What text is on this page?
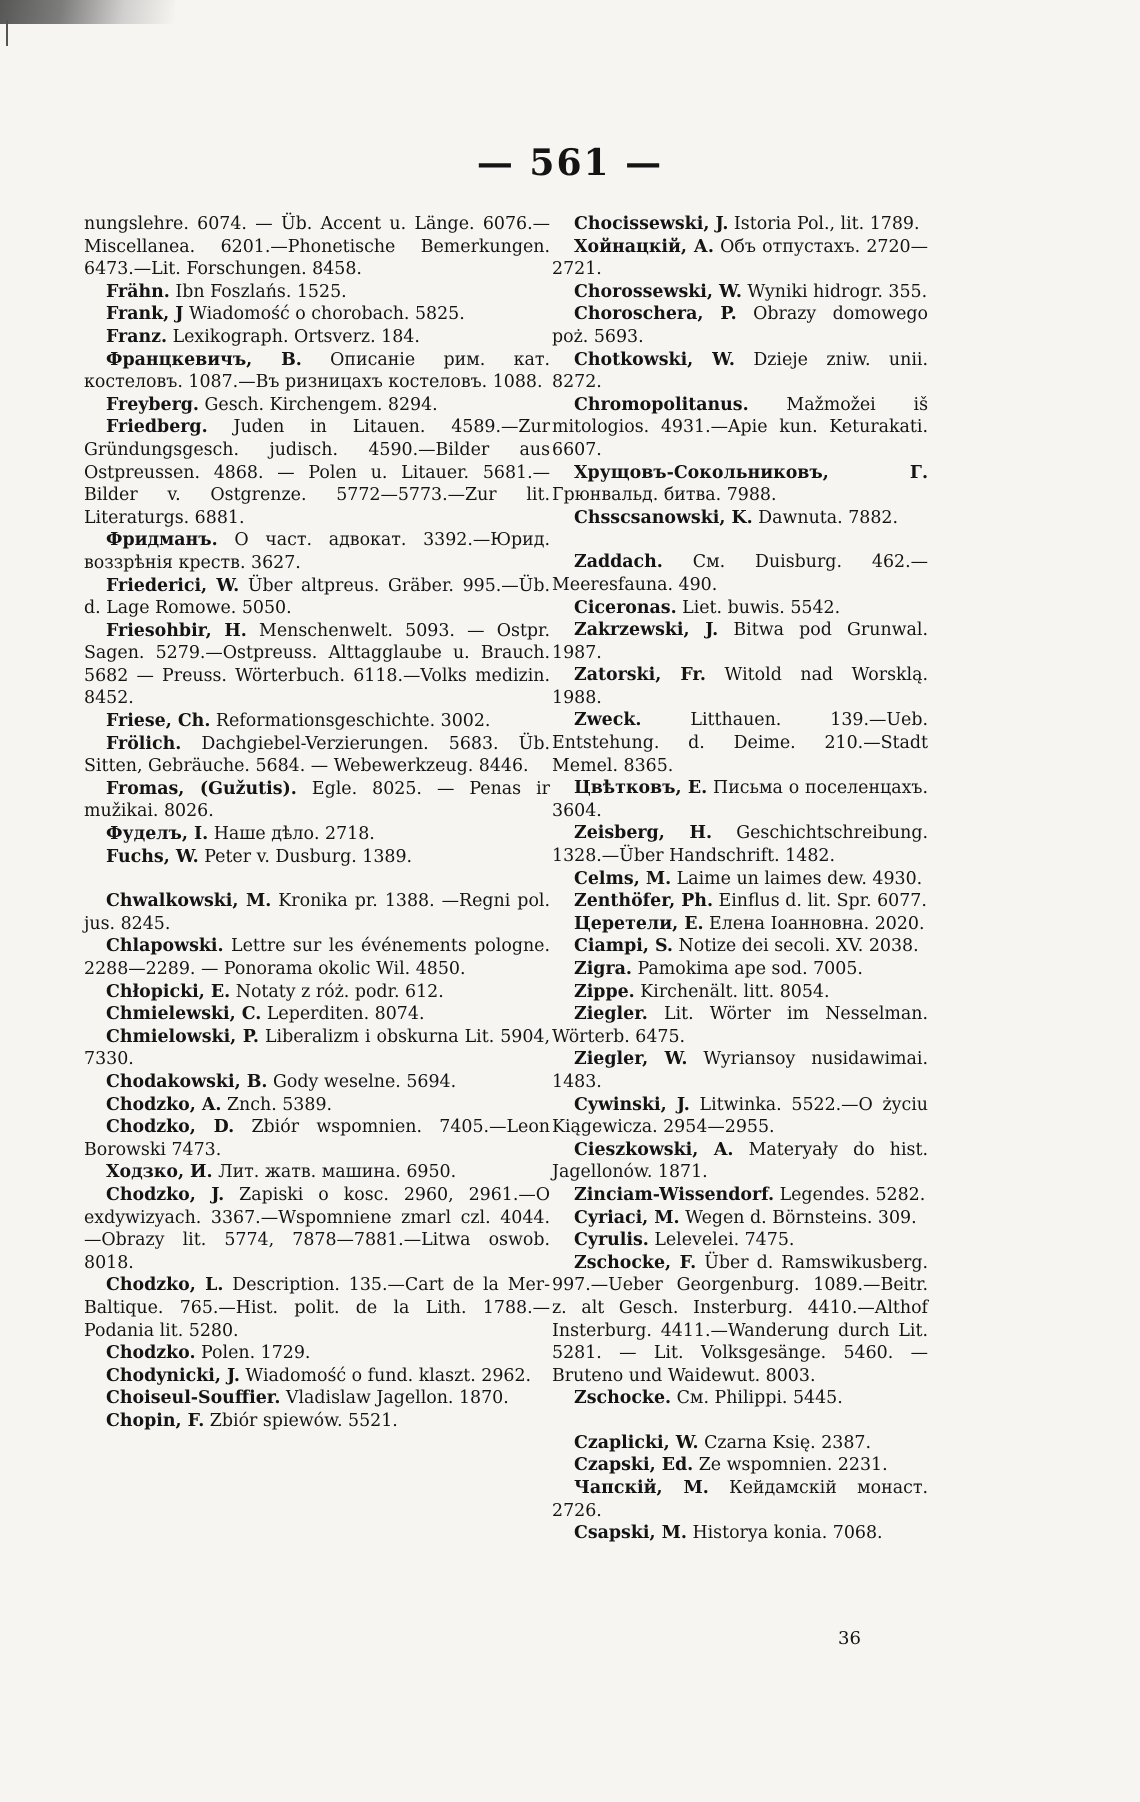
— 561 —

nungslehre. 6074. — Üb. Accent u. Länge. 6076.—Miscellanea. 6201.—Phonetische Bemerkungen. 6473.—Lit. Forschungen. 8458.

Frähn. Ibn Foszlańs. 1525.

Frank, J Wiadomość o chorobach. 5825.

Franz. Lexikograph. Ortsverz. 184.

Францкевичъ, В. Описаніе рим. кат. костеловъ. 1087.—Въ ризницахъ костеловъ. 1088.

Freyberg. Gesch. Kirchengem. 8294.

Friedberg. Juden in Litauen. 4589.—Zur Gründungsgesch. judisch. 4590.—Bilder aus Ostpreussen. 4868. — Polen u. Litauer. 5681.—Bilder v. Ostgrenze. 5772—5773.—Zur lit. Literaturgs. 6881.

Фридманъ. О част. адвокат. 3392.—Юрид. воззрѣнія креств. 3627.

Friederici, W. Über altpreus. Gräber. 995.—Üb. d. Lage Romowe. 5050.

Friesohbir, H. Menschenwelt. 5093. — Ostpr. Sagen. 5279.—Ostpreuss. Alttagglaube u. Brauch. 5682 — Preuss. Wörterbuch. 6118.—Volks medizin. 8452.

Friese, Ch. Reformationsgeschichte. 3002.

Frölich. Dachgiebel-Verzierungen. 5683. Üb. Sitten, Gebräuche. 5684. — Webewerkzeug. 8446.

Fromas, (Gužutis). Egle. 8025. — Penas ir mužikai. 8026.

Фуделъ, I. Наше дѣло. 2718.

Fuchs, W. Peter v. Dusburg. 1389.

Chwalkowski, M. Kronika pr. 1388. —Regni pol. jus. 8245.

Chlapowski. Lettre sur les événements pologne. 2288—2289. — Ponorama okolic Wil. 4850.

Chłopicki, E. Notaty z róż. podr. 612.

Chmielewski, C. Leperditen. 8074.

Chmielowski, P. Liberalizm i obskurna Lit. 5904, 7330.

Chodakowski, B. Gody weselne. 5694.

Chodzko, A. Znch. 5389.

Chodzko, D. Zbiór wspomnien. 7405.—Leon Borowski 7473.

Ходзко, И. Лит. жатв. машина. 6950.

Chodzko, J. Zapiski o kosc. 2960, 2961.—O exdywizyach. 3367.—Wspomniene zmarl czl. 4044.—Obrazy lit. 5774, 7878—7881.—Litwa oswob. 8018.

Chodzko, L. Description. 135.—Cart de la Mer-Baltique. 765.—Hist. polit. de la Lith. 1788.—Podania lit. 5280.

Chodzko. Polen. 1729.

Chodynicki, J. Wiadomość o fund. klaszt. 2962.

Choiseul-Souffier. Vladislaw Jagellon. 1870.

Chopin, F. Zbiór spiewów. 5521.

Chocissewski, J. Istoria Pol., lit. 1789.

Хойнацкій, А. Объ отпустахъ. 2720—2721.

Chorossewski, W. Wyniki hidrogr. 355.

Choroschera, P. Obrazy domowego poż. 5693.

Chotkowski, W. Dzieje zniw. unii. 8272.

Chromopolitanus. Mažmožei iš mitologios. 4931.—Apie kun. Keturakati. 6607.

Хрущовъ-Сокольниковъ, Г. Грюнвальд. битва. 7988.

Chsscsanowski, K. Dawnuta. 7882.

Zaddach. См. Duisburg. 462.—Meeresfauna. 490.

Ciceronas. Liet. buwis. 5542.

Zakrzewski, J. Bitwa pod Grunwal. 1987.

Zatorski, Fr. Witold nad Worsklą. 1988.

Zweck. Litthauen. 139.—Ueb. Entstehung. d. Deime. 210.—Stadt Memel. 8365.

Цвѣтковъ, Е. Письма о поселенцахъ. 3604.

Zeisberg, H. Geschichtschreibung. 1328.—Über Handschrift. 1482.

Celms, M. Laime un laimes dew. 4930.

Zenthöfer, Ph. Einflus d. lit. Spr. 6077.

Церетели, Е. Елена Іоанновна. 2020.

Ciampi, S. Notize dei secoli. XV. 2038.

Zigra. Pamokima ape sod. 7005.

Zippe. Kirchenält. litt. 8054.

Ziegler. Lit. Wörter im Nesselman. Wörterb. 6475.

Ziegler, W. Wyriansoy nusidawimai. 1483.

Cywinski, J. Litwinka. 5522.—O życiu Kiągewicza. 2954—2955.

Cieszkowski, A. Materyały do hist. Jagellonów. 1871.

Zinciam-Wissendorf. Legendes. 5282.

Cyriaci, M. Wegen d. Börnsteins. 309.

Cyrulis. Lelevelei. 7475.

Zschocke, F. Über d. Ramswikusberg. 997.—Ueber Georgenburg. 1089.—Beitr. z. alt Gesch. Insterburg. 4410.—Althof Insterburg. 4411.—Wanderung durch Lit. 5281. — Lit. Volksgesänge. 5460. — Bruteno und Waidewut. 8003.

Zschocke. См. Philippi. 5445.

Czaplicki, W. Czarna Księ. 2387.

Czapski, Ed. Ze wspomnien. 2231.

Чапскій, М. Кейдамскій монаст. 2726.

Csapski, M. Historya konia. 7068.

36
